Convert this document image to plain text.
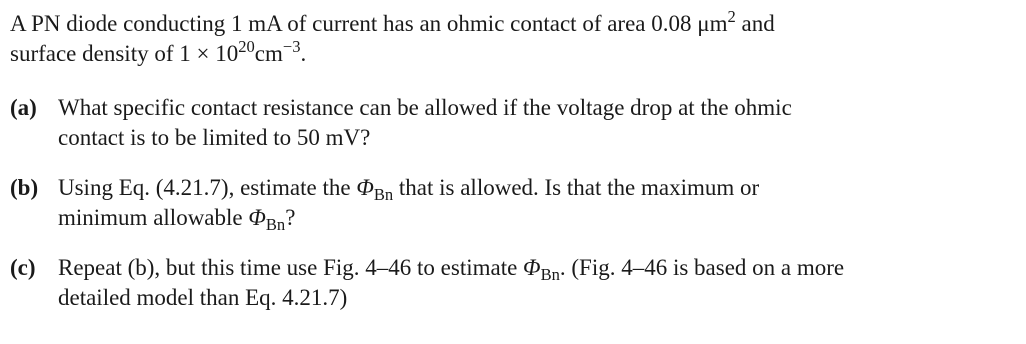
A PN diode conducting 1 mA of current has an ohmic contact of area 0.08 $\mu m^2$ and
surface density of $1 \times 10^{20}cm^{-3}$.

(a) What specific contact resistance can be allowed if the voltage drop at the ohmic
contact is to be limited to 50 mV?
(b) Using Eq. (4.21.7), estimate the $\Phi_{Bn}$ that is allowed. Is that the maximum or
minimum allowable $\Phi_{Bn}$?
(c) Repeat (b), but this time use Fig. 4–46 to estimate $\Phi_{Bn}$. (Fig. 4–46 is based on a more
detailed model than Eq. 4.21.7)
